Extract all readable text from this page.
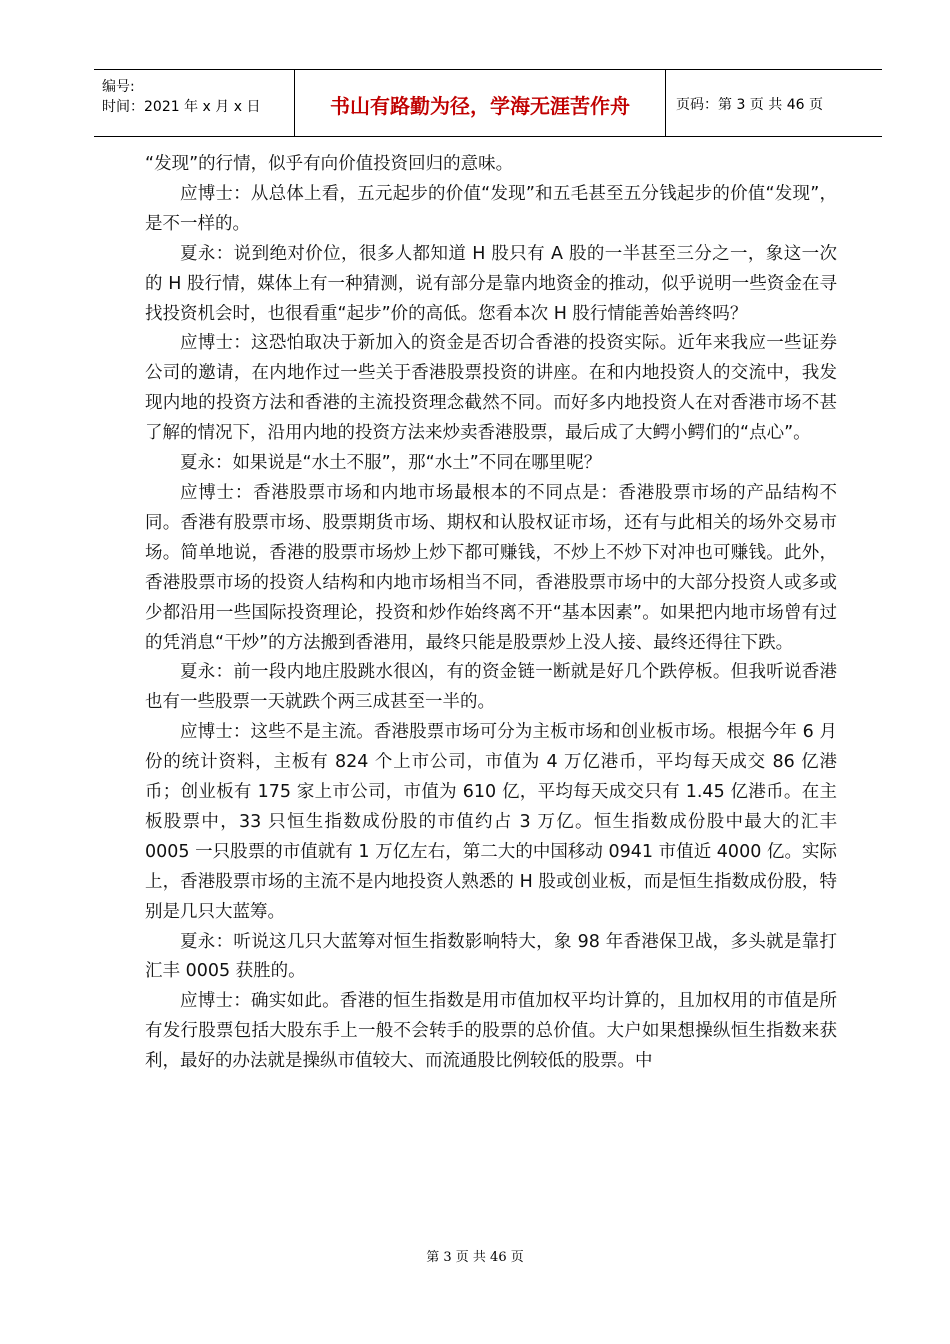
编号:
时间：2021 年 x 月 x 日	书山有路勤为径，学海无涯苦作舟	页码：第 3 页 共 46 页

“发现”的行情，似乎有向价值投资回归的意味。

应博士：从总体上看，五元起步的价值“发现”和五毛甚至五分钱起步的价值“发现”，是不一样的。

夏永：说到绝对价位，很多人都知道 H 股只有 A 股的一半甚至三分之一，象这一次的 H 股行情，媒体上有一种猜测，说有部分是靠内地资金的推动，似乎说明一些资金在寻找投资机会时，也很看重“起步”价的高低。您看本次 H 股行情能善始善终吗？

应博士：这恐怕取决于新加入的资金是否切合香港的投资实际。近年来我应一些证券公司的邀请，在内地作过一些关于香港股票投资的讲座。在和内地投资人的交流中，我发现内地的投资方法和香港的主流投资理念截然不同。而好多内地投资人在对香港市场不甚了解的情况下，沿用内地的投资方法来炒卖香港股票，最后成了大鳄小鳄们的“点心”。

夏永：如果说是“水土不服”，那“水土”不同在哪里呢？

应博士：香港股票市场和内地市场最根本的不同点是：香港股票市场的产品结构不同。香港有股票市场、股票期货市场、期权和认股权证市场，还有与此相关的场外交易市场。简单地说，香港的股票市场炒上炒下都可赚钱，不炒上不炒下对冲也可赚钱。此外，香港股票市场的投资人结构和内地市场相当不同，香港股票市场中的大部分投资人或多或少都沿用一些国际投资理论，投资和炒作始终离不开“基本因素”。如果把内地市场曾有过的凭消息“干炒”的方法搬到香港用，最终只能是股票炒上没人接、最终还得往下跌。

夏永：前一段内地庄股跳水很凶，有的资金链一断就是好几个跌停板。但我听说香港也有一些股票一天就跌个两三成甚至一半的。

应博士：这些不是主流。香港股票市场可分为主板市场和创业板市场。根据今年 6 月份的统计资料，主板有 824 个上市公司，市值为 4 万亿港币，平均每天成交 86 亿港币；创业板有 175 家上市公司，市值为 610 亿，平均每天成交只有 1.45 亿港币。在主板股票中，33 只恒生指数成份股的市值约占 3 万亿。恒生指数成份股中最大的汇丰 0005 一只股票的市值就有 1 万亿左右，第二大的中国移动 0941 市值近 4000 亿。实际上，香港股票市场的主流不是内地投资人熟悉的 H 股或创业板，而是恒生指数成份股，特别是几只大蓝筹。

夏永：听说这几只大蓝筹对恒生指数影响特大，象 98 年香港保卫战，多头就是靠打汇丰 0005 获胜的。

应博士：确实如此。香港的恒生指数是用市值加权平均计算的，且加权用的市值是所有发行股票包括大股东手上一般不会转手的股票的总价值。大户如果想操纵恒生指数来获利，最好的办法就是操纵市值较大、而流通股比例较低的股票。中

第 3 页 共 46 页
